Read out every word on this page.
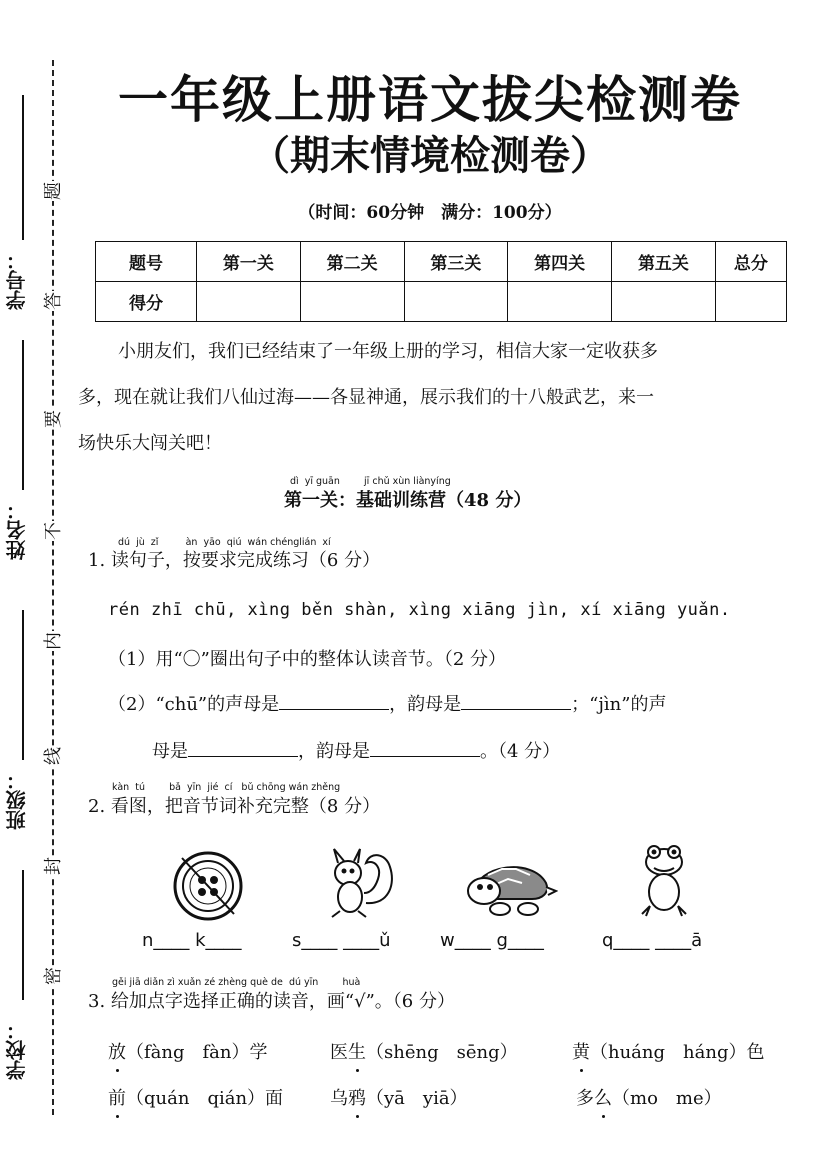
学号：
姓名：
班级：
学校：
题
答
要
不
内
线
封
密
一年级上册语文拔尖检测卷
（期末情境检测卷）
（时间：60分钟　满分：100分）
题号	第一关	第二关	第三关	第四关	第五关	总分
得分						
小朋友们，我们已经结束了一年级上册的学习，相信大家一定收获多
多，现在就让我们八仙过海——各显神通，展示我们的十八般武艺，来一
场快乐大闯关吧！
dì  yī guān        jī chǔ xùn liànyíng
第一关：基础训练营（48 分）
dú  jù  zǐ         àn  yāo  qiú  wán chénglián  xí
1. 读句子，按要求完成练习（6 分）
rén zhī chū, xìng běn shàn, xìng xiāng jìn, xí xiāng yuǎn.
（1）用“〇”圈出句子中的整体认读音节。（2 分）
（2）“chū”的声母是	，韵母是	；“jìn”的声
母是	，韵母是	。（4 分）
kàn  tú        bǎ  yīn  jié  cí   bǔ chōng wán zhěng
2. 看图，把音节词补充完整（8 分）
n____ k____	s____ ____ǔ	w____ g____	q____ ____ā
gěi jiā diǎn zì xuǎn zé zhèng què de  dú yīn        huà
3. 给加点字选择正确的读音，画“√”。（6 分）
放（fàng　fàn）学	医生（shēng　sēng）	黄（huáng　háng）色
前（quán　qián）面	乌鸦（yā　yiā）	多么（mo　me）
